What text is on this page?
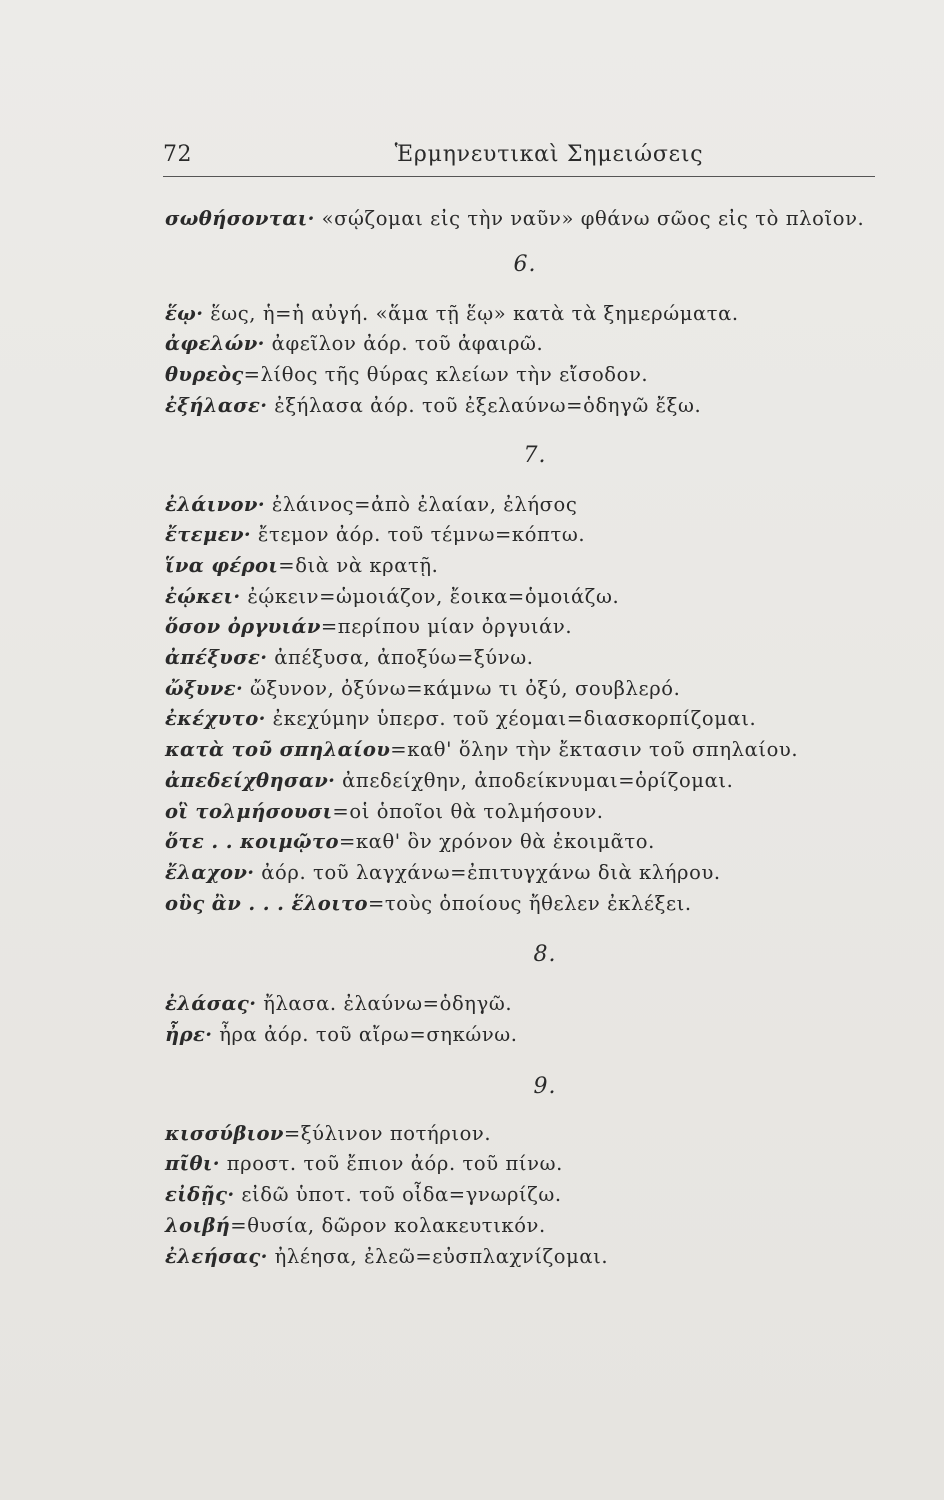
72	Ἑρμηνευτικαὶ Σημειώσεις
σωθήσονται· «σῴζομαι εἰς τὴν ναῦν» φθάνω σῶος εἰς τὸ πλοῖον.
6.
ἕῳ· ἕως, ἡ=ἡ αὐγή. «ἅμα τῇ ἕῳ» κατὰ τὰ ξημερώματα.
ἀφελών· ἀφεῖλον ἀόρ. τοῦ ἀφαιρῶ.
θυρεὸς=λίθος τῆς θύρας κλείων τὴν εἴσοδον.
ἐξήλασε· ἐξήλασα ἀόρ. τοῦ ἐξελαύνω=ὁδηγῶ ἔξω.
7.
ἐλάινον· ἐλάινος=ἀπὸ ἐλαίαν, ἐλήσος
ἔτεμεν· ἔτεμον ἀόρ. τοῦ τέμνω=κόπτω.
ἵνα φέροι=διὰ νὰ κρατῇ.
ἐῴκει· ἐῴκειν=ὡμοιάζον, ἔοικα=ὁμοιάζω.
ὅσον ὀργυιάν=περίπου μίαν ὀργυιάν.
ἀπέξυσε· ἀπέξυσα, ἀποξύω=ξύνω.
ὤξυνε· ὤξυνον, ὀξύνω=κάμνω τι ὀξύ, σουβλερό.
ἐκέχυτο· ἐκεχύμην ὑπερσ. τοῦ χέομαι=διασκορπίζομαι.
κατὰ τοῦ σπηλαίου=καθ' ὅλην τὴν ἔκτασιν τοῦ σπηλαίου.
ἀπεδείχθησαν· ἀπεδείχθην, ἀποδείκνυμαι=ὁρίζομαι.
οἳ τολμήσουσι=οἱ ὁποῖοι θὰ τολμήσουν.
ὅτε . . κοιμῷτο=καθ' ὃν χρόνον θὰ ἐκοιμᾶτο.
ἔλαχον· ἀόρ. τοῦ λαγχάνω=ἐπιτυγχάνω διὰ κλήρου.
οὓς ἂν . . . ἕλοιτο=τοὺς ὁποίους ἤθελεν ἐκλέξει.
8.
ἐλάσας· ἤλασα. ἐλαύνω=ὁδηγῶ.
ἦρε· ἦρα ἀόρ. τοῦ αἴρω=σηκώνω.
9.
κισσύβιον=ξύλινον ποτήριον.
πῖθι· προστ. τοῦ ἔπιον ἀόρ. τοῦ πίνω.
εἰδῇς· εἰδῶ ὑποτ. τοῦ οἶδα=γνωρίζω.
λοιβή=θυσία, δῶρον κολακευτικόν.
ἐλεήσας· ἠλέησα, ἐλεῶ=εὐσπλαχνίζομαι.
